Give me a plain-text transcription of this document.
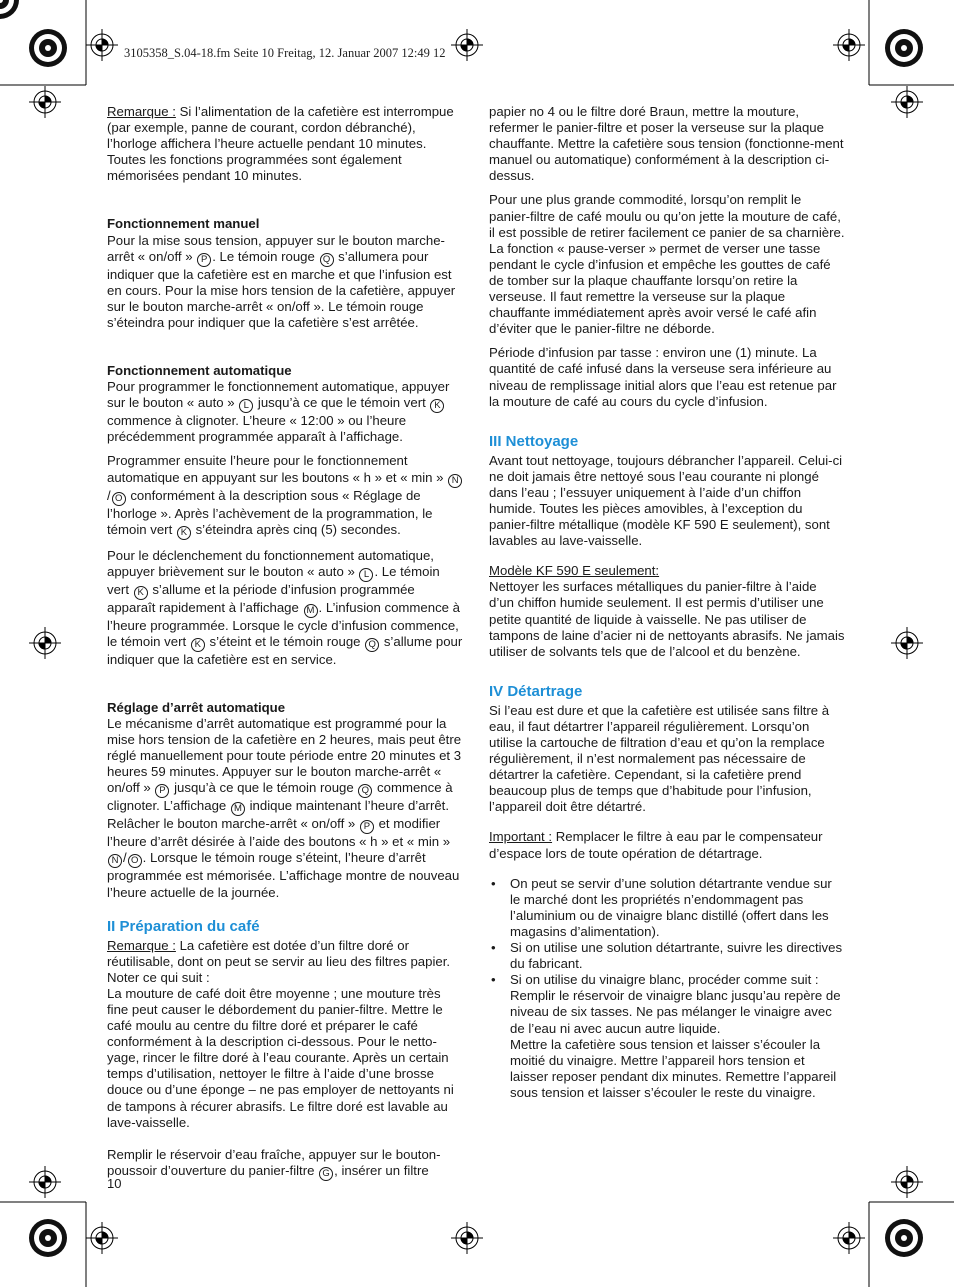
3105358_S.04-18.fm Seite 10 Freitag, 12. Januar 2007 12:49 12

Remarque : Si l’alimentation de la cafetière est interrompue (par exemple, panne de courant, cordon débranché), l’horloge affichera l’heure actuelle pendant 10 minutes. Toutes les fonctions programmées sont également mémorisées pendant 10 minutes.

Fonctionnement manuel

Pour la mise sous tension, appuyer sur le bouton marche-arrêt « on/off » P . Le témoin rouge Q s’allumera pour indiquer que la cafetière est en marche et que l’infusion est en cours. Pour la mise hors tension de la cafetière, appuyer sur le bouton marche-arrêt « on/off ». Le témoin rouge s’éteindra pour indiquer que la cafetière s’est arrêtée.

Fonctionnement automatique

Pour programmer le fonctionnement automatique, appuyer sur le bouton « auto » L jusqu’à ce que le témoin vert K commence à clignoter. L’heure « 12:00 » ou l’heure précédemment programmée apparaît à l’affichage.

Programmer ensuite l’heure pour le fonctionnement automatique en appuyant sur les boutons « h » et « min » N/ O conformément à la description sous « Réglage de l’horloge ». Après l’achèvement de la programmation, le témoin vert K s’éteindra après cinq (5) secondes.

Pour le déclenchement du fonctionnement automatique, appuyer brièvement sur le bouton « auto » L . Le témoin vert K s’allume et la période d’infusion programmée apparaît rapidement à l’affichage M . L’infusion commence à l’heure programmée. Lorsque le cycle d’infusion commence, le témoin vert K s’éteint et le témoin rouge Q s’allume pour indiquer que la cafetière est en service.

Réglage d’arrêt automatique

Le mécanisme d’arrêt automatique est programmé pour la mise hors tension de la cafetière en 2 heures, mais peut être réglé manuellement pour toute période entre 20 minutes et 3 heures 59 minutes. Appuyer sur le bouton marche-arrêt « on/off » P jusqu’à ce que le témoin rouge Q commence à clignoter. L’affichage M indique maintenant l’heure d’arrêt. Relâcher le bouton marche-arrêt « on/off » P et modifier l’heure d’arrêt désirée à l’aide des boutons « h » et « min » N / O . Lorsque le témoin rouge s’éteint, l’heure d’arrêt programmée est mémorisée. L’affichage montre de nouveau l’heure actuelle de la journée.

II Préparation du café

Remarque : La cafetière est dotée d’un filtre doré or réutilisable, dont on peut se servir au lieu des filtres papier. Noter ce qui suit :

La mouture de café doit être moyenne ; une mouture très fine peut causer le débordement du panier-filtre. Mettre le café moulu au centre du filtre doré et préparer le café conformément à la description ci-dessous. Pour le netto-yage, rincer le filtre doré à l’eau courante. Après un certain temps d’utilisation, nettoyer le filtre à l’aide d’une brosse douce ou d’une éponge – ne pas employer de nettoyants ni de tampons à récurer abrasifs. Le filtre doré est lavable au lave-vaisselle.

Remplir le réservoir d’eau fraîche, appuyer sur le bouton-poussoir d’ouverture du panier-filtre G , insérer un filtre

papier no 4 ou le filtre doré Braun, mettre la mouture, refermer le panier-filtre et poser la verseuse sur la plaque chauffante. Mettre la cafetière sous tension (fonctionne-ment manuel ou automatique) conformément à la description ci-dessus.

Pour une plus grande commodité, lorsqu’on remplit le panier-filtre de café moulu ou qu’on jette la mouture de café, il est possible de retirer facilement ce panier de sa charnière. La fonction « pause-verser » permet de verser une tasse pendant le cycle d’infusion et empêche les gouttes de café de tomber sur la plaque chauffante lorsqu’on retire la verseuse. Il faut remettre la verseuse sur la plaque chauffante immédiatement après avoir versé le café afin d’éviter que le panier-filtre ne déborde.

Période d’infusion par tasse : environ une (1) minute. La quantité de café infusé dans la verseuse sera inférieure au niveau de remplissage initial alors que l’eau est retenue par la mouture de café au cours du cycle d’infusion.

III Nettoyage

Avant tout nettoyage, toujours débrancher l’appareil. Celui-ci ne doit jamais être nettoyé sous l’eau courante ni plongé dans l’eau ; l’essuyer uniquement à l’aide d’un chiffon humide. Toutes les pièces amovibles, à l’exception du panier-filtre métallique (modèle KF 590 E seulement), sont lavables au lave-vaisselle.

Modèle KF 590 E seulement:

Nettoyer les surfaces métalliques du panier-filtre à l’aide d’un chiffon humide seulement. Il est permis d’utiliser une petite quantité de liquide à vaisselle. Ne pas utiliser de tampons de laine d’acier ni de nettoyants abrasifs. Ne jamais utiliser de solvants tels que de l’alcool et du benzène.

IV Détartrage

Si l’eau est dure et que la cafetière est utilisée sans filtre à eau, il faut détartrer l’appareil régulièrement. Lorsqu’on utilise la cartouche de filtration d’eau et qu’on la remplace régulièrement, il n’est normalement pas nécessaire de détartrer la cafetière. Cependant, si la cafetière prend beaucoup plus de temps que d’habitude pour l’infusion, l’appareil doit être détartré.

Important : Remplacer le filtre à eau par le compensateur d’espace lors de toute opération de détartrage.

• On peut se servir d’une solution détartrante vendue sur le marché dont les propriétés n’endommagent pas l’aluminium ou de vinaigre blanc distillé (offert dans les magasins d’alimentation).
• Si on utilise une solution détartrante, suivre les directives du fabricant.
• Si on utilise du vinaigre blanc, procéder comme suit : Remplir le réservoir de vinaigre blanc jusqu’au repère de niveau de six tasses. Ne pas mélanger le vinaigre avec de l’eau ni avec aucun autre liquide.
Mettre la cafetière sous tension et laisser s’écouler la moitié du vinaigre. Mettre l’appareil hors tension et laisser reposer pendant dix minutes. Remettre l’appareil sous tension et laisser s’écouler le reste du vinaigre.
10
